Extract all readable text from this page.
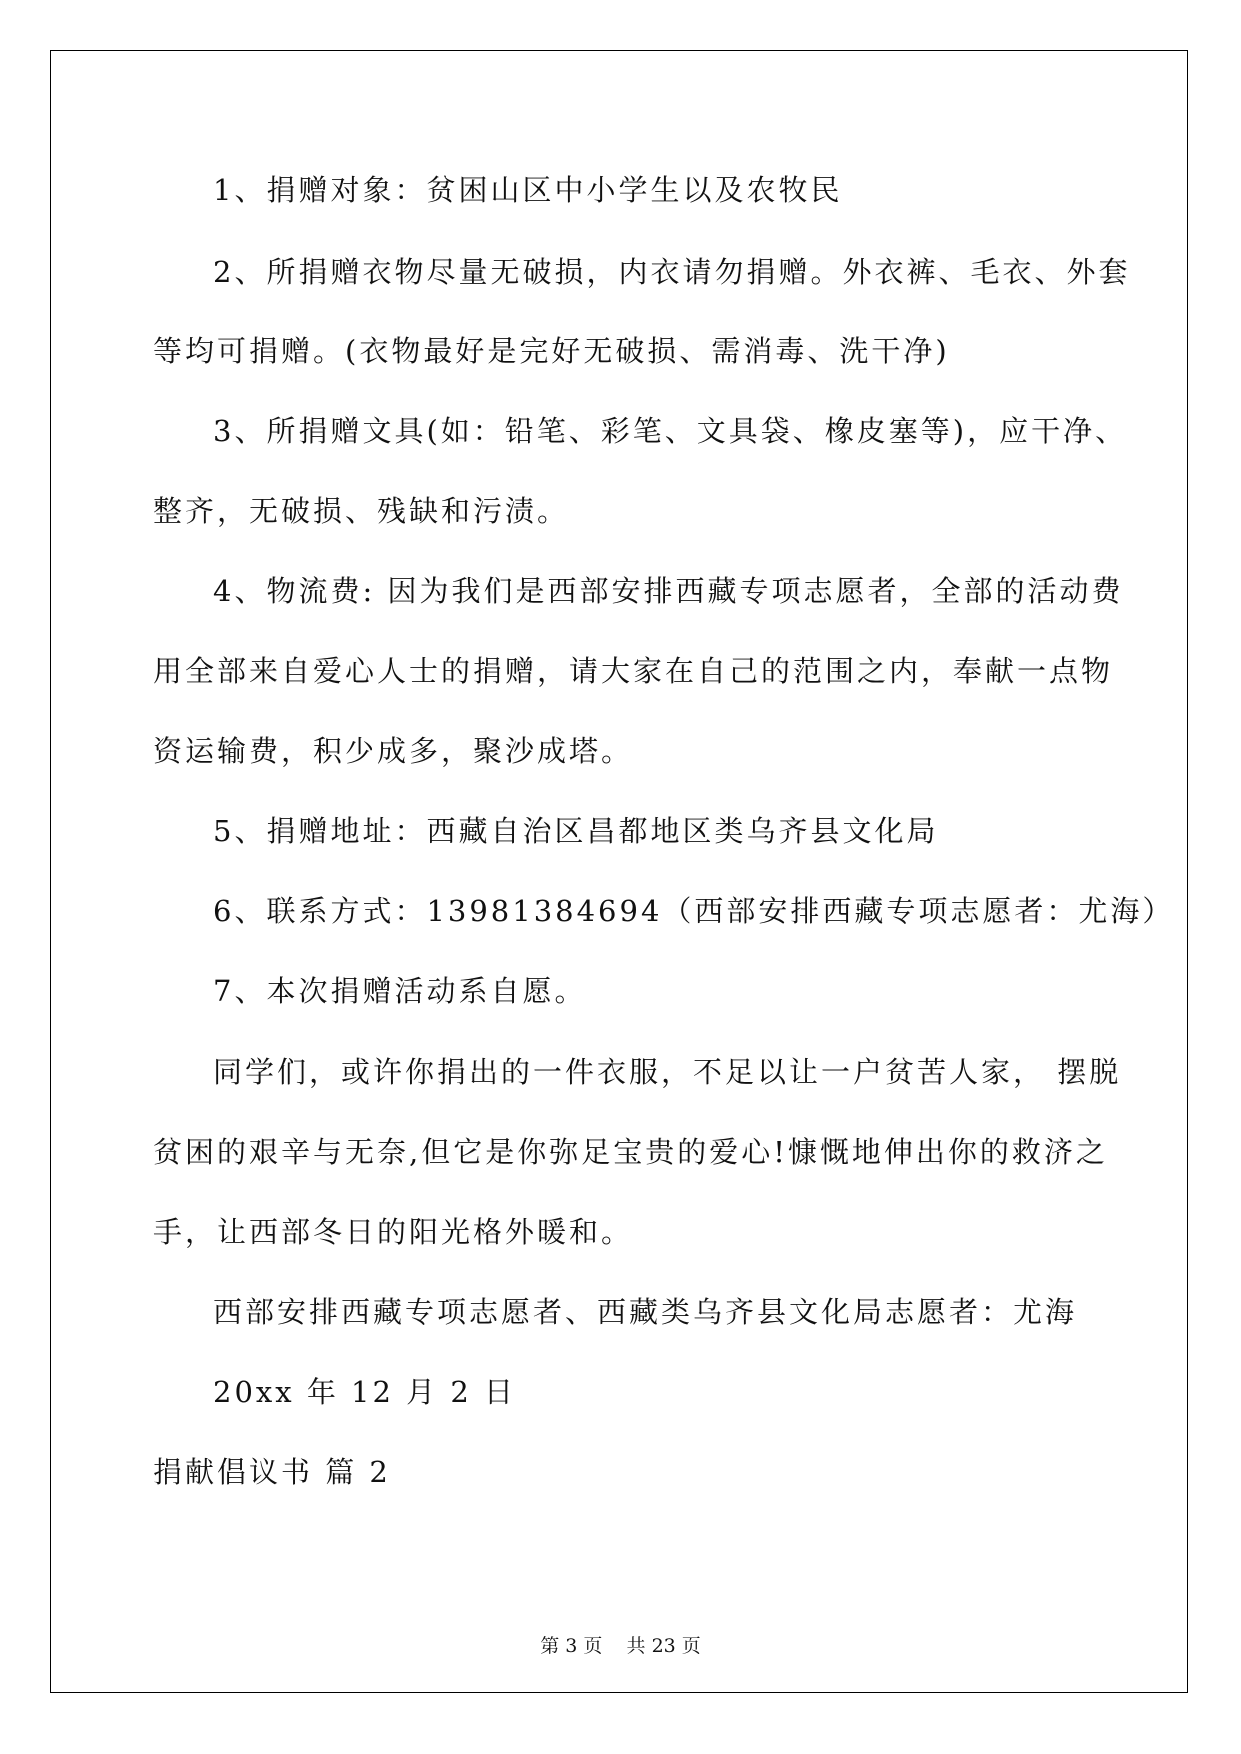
1、捐赠对象：贫困山区中小学生以及农牧民
2、所捐赠衣物尽量无破损，内衣请勿捐赠。外衣裤、毛衣、外套
等均可捐赠。(衣物最好是完好无破损、需消毒、洗干净)
3、所捐赠文具(如：铅笔、彩笔、文具袋、橡皮塞等)，应干净、
整齐，无破损、残缺和污渍。
4、物流费: 因为我们是西部安排西藏专项志愿者，全部的活动费
用全部来自爱心人士的捐赠，请大家在自己的范围之内，奉献一点物
资运输费，积少成多，聚沙成塔。
5、捐赠地址：西藏自治区昌都地区类乌齐县文化局
6、联系方式：13981384694（西部安排西藏专项志愿者：尤海）
7、本次捐赠活动系自愿。
同学们，或许你捐出的一件衣服，不足以让一户贫苦人家， 摆脱
贫困的艰辛与无奈,但它是你弥足宝贵的爱心!慷慨地伸出你的救济之
手，让西部冬日的阳光格外暖和。
西部安排西藏专项志愿者、西藏类乌齐县文化局志愿者：尤海
20xx 年 12 月 2 日
捐献倡议书 篇 2
第 3 页    共 23 页
